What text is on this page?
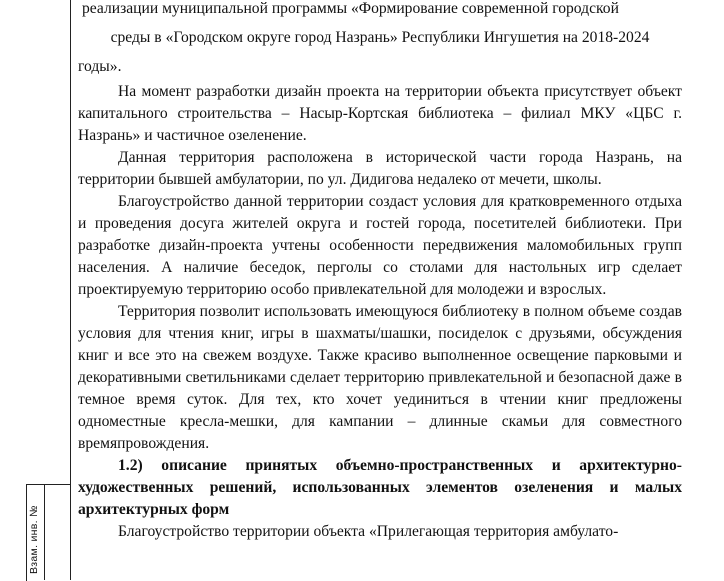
Взам. инв. №
реализации муниципальной программы «Формирование современной городской
среды в «Городском округе город Назрань» Республики Ингушетия на 2018-2024
годы».

На момент разработки дизайн проекта на территории объекта присутствует объект капитального строительства – Насыр-Кортская библиотека – филиал МКУ «ЦБС г. Назрань» и частичное озеленение.

Данная территория расположена в исторической части города Назрань, на территории бывшей амбулатории, по ул. Дидигова недалеко от мечети, школы.

Благоустройство данной территории создаст условия для кратковременного отдыха и проведения досуга жителей округа и гостей города, посетителей библиотеки. При разработке дизайн-проекта учтены особенности передвижения маломобильных групп населения. А наличие беседок, перголы со столами для настольных игр сделает проектируемую территорию особо привлекательной для молодежи и взрослых.

Территория позволит использовать имеющуюся библиотеку в полном объеме создав условия для чтения книг, игры в шахматы/шашки, посиделок с друзьями, обсуждения книг и все это на свежем воздухе. Также красиво выполненное освещение парковыми и декоративными светильниками сделает территорию привлекательной и безопасной даже в темное время суток. Для тех, кто хочет уединиться в чтении книг предложены одноместные кресла-мешки, для кампании – длинные скамьи для совместного времяпровождения.

1.2) описание принятых объемно-пространственных и архитектурно-художественных решений, использованных элементов озеленения и малых архитектурных форм

Благоустройство территории объекта «Прилегающая территория амбулато-
